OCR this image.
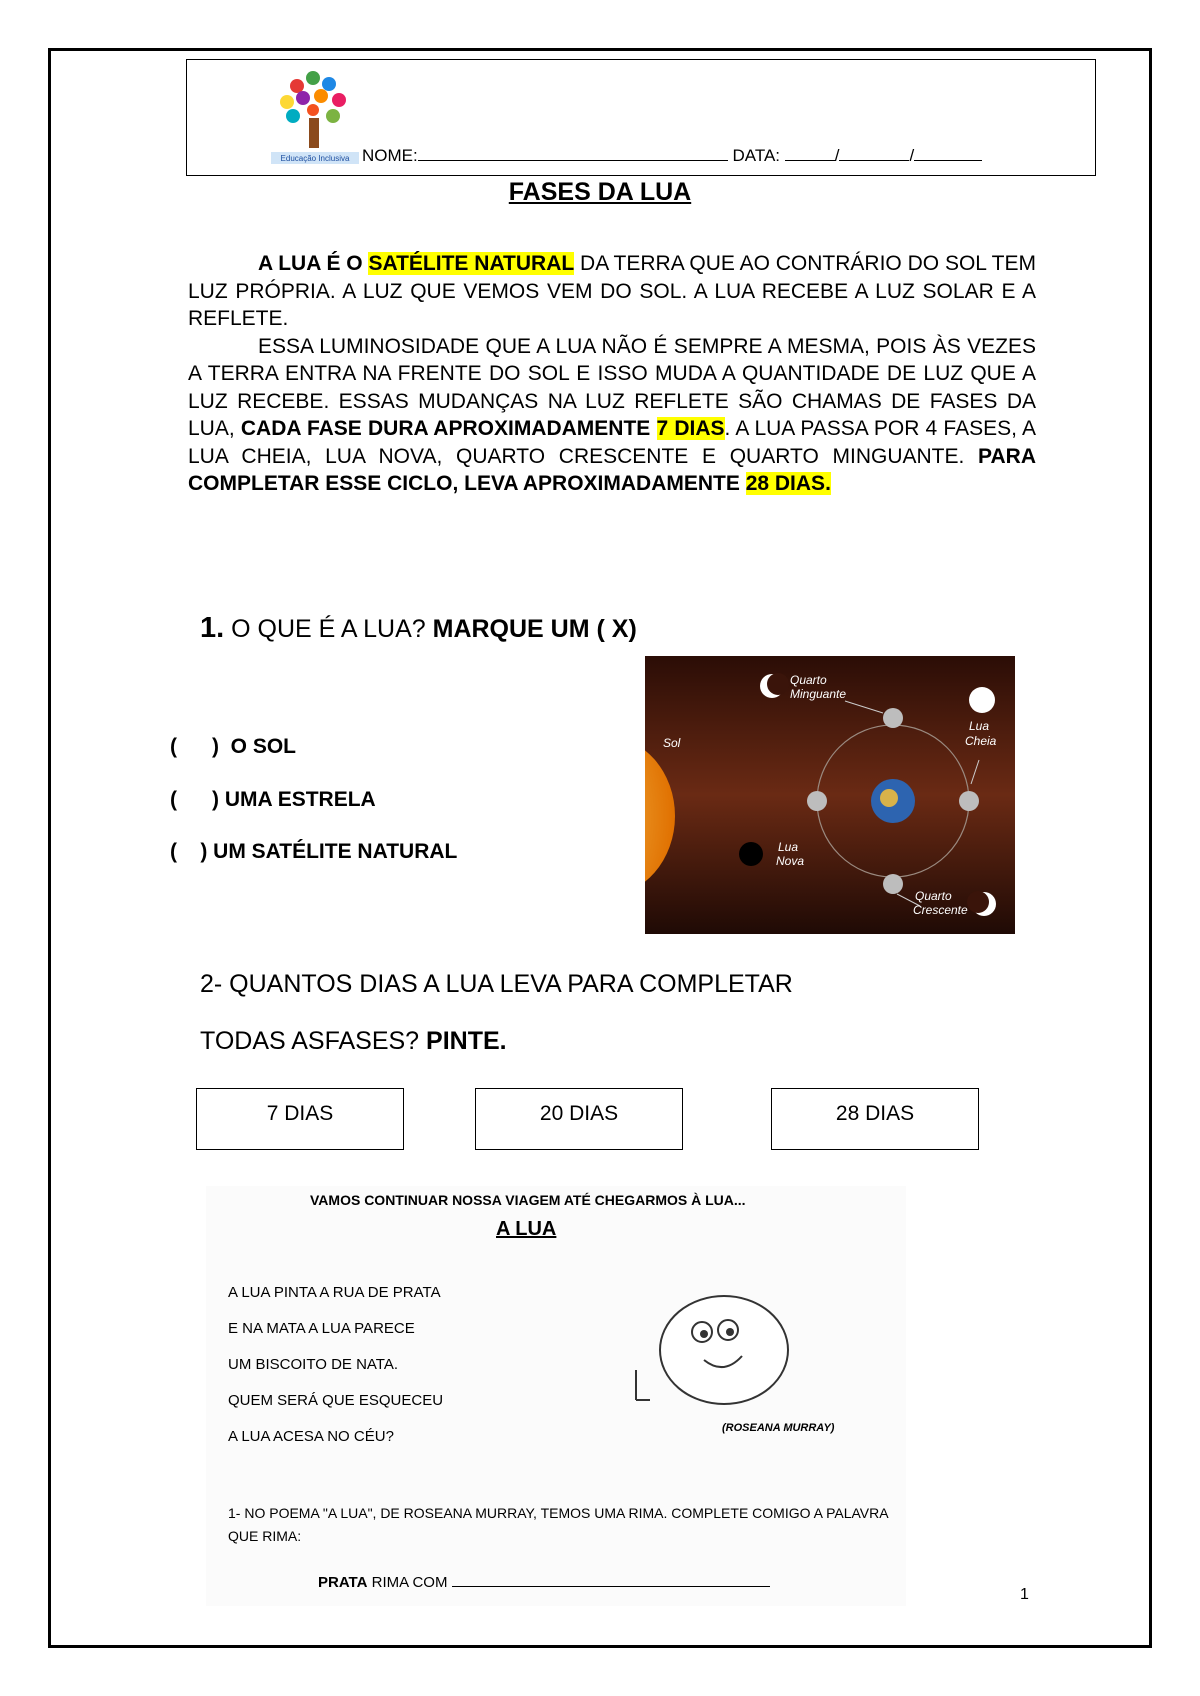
Educação Inclusiva NOME:	DATA:	/	/
FASES DA LUA

A LUA É O SATÉLITE NATURAL DA TERRA QUE AO CONTRÁRIO DO SOL TEM LUZ PRÓPRIA. A LUZ QUE VEMOS VEM DO SOL. A LUA RECEBE A LUZ SOLAR E A REFLETE.

ESSA LUMINOSIDADE QUE A LUA NÃO É SEMPRE A MESMA, POIS ÀS VEZES A TERRA ENTRA NA FRENTE DO SOL E ISSO MUDA A QUANTIDADE DE LUZ QUE A LUZ RECEBE. ESSAS MUDANÇAS NA LUZ REFLETE SÃO CHAMAS DE FASES DA LUA, CADA FASE DURA APROXIMADAMENTE 7 DIAS. A LUA PASSA POR 4 FASES, A LUA CHEIA, LUA NOVA, QUARTO CRESCENTE E QUARTO MINGUANTE. PARA COMPLETAR ESSE CICLO, LEVA APROXIMADAMENTE 28 DIAS.

1. O QUE É A LUA? MARQUE UM ( X)
(      )  O SOL
(      ) UMA ESTRELA
(    ) UM SATÉLITE NATURAL
Sol
Quarto
Minguante
Lua
Cheia
Lua
Nova
Quarto
Crescente
2- QUANTOS DIAS A LUA LEVA PARA COMPLETAR
TODAS ASFASES? PINTE.
7 DIAS	20 DIAS	28 DIAS
VAMOS CONTINUAR NOSSA VIAGEM ATÉ CHEGARMOS À LUA...
A LUA
A LUA PINTA A RUA DE PRATA
E NA MATA A LUA PARECE
UM BISCOITO DE NATA.
QUEM SERÁ QUE ESQUECEU
A LUA ACESA NO CÉU?	(ROSEANA MURRAY)
1- NO POEMA "A LUA", DE ROSEANA MURRAY, TEMOS UMA RIMA. COMPLETE COMIGO A PALAVRA QUE RIMA:
PRATA RIMA COM
1
